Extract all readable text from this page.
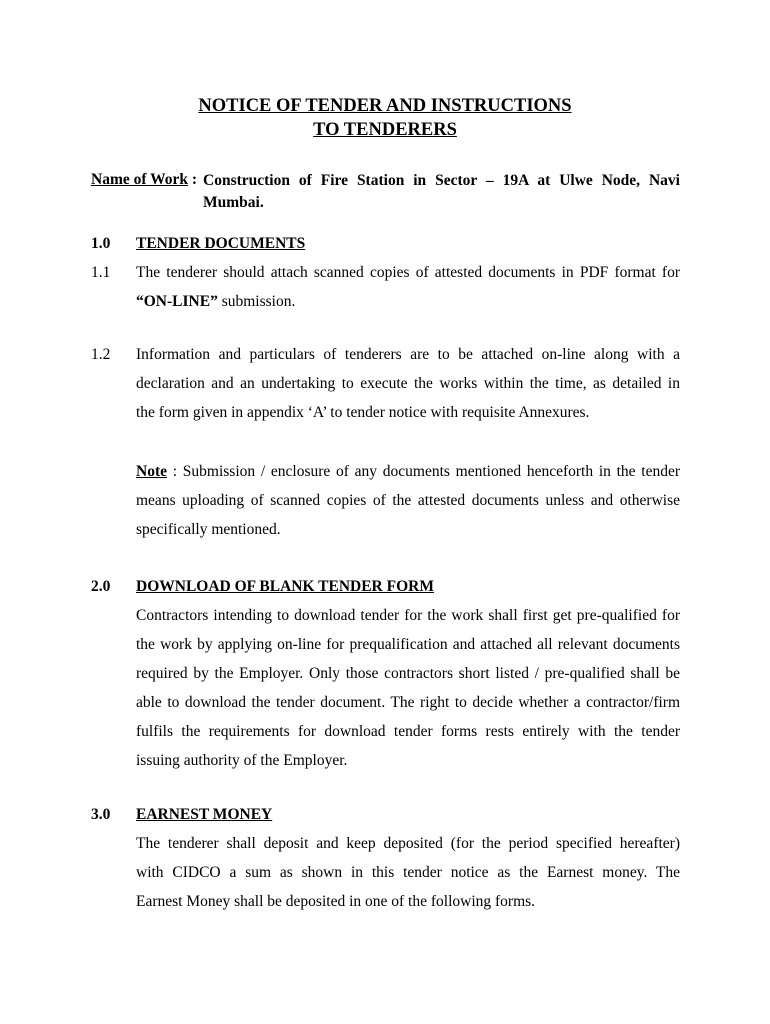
NOTICE OF TENDER AND INSTRUCTIONS
TO TENDERERS
Name of Work : Construction of Fire Station in Sector – 19A at Ulwe Node, Navi
Mumbai.
1.0 TENDER DOCUMENTS
1.1 The tenderer should attach scanned copies of attested documents in PDF format for
“ON-LINE” submission.
1.2 Information and particulars of tenderers are to be attached on-line along with a
declaration and an undertaking to execute the works within the time, as detailed in
the form given in appendix ‘A’ to tender notice with requisite Annexures.
Note : Submission / enclosure of any documents mentioned henceforth in the tender
means uploading of scanned copies of the attested documents unless and otherwise
specifically mentioned.
2.0 DOWNLOAD OF BLANK TENDER FORM
Contractors intending to download tender for the work shall first get pre-qualified for
the work by applying on-line for prequalification and attached all relevant documents
required by the Employer. Only those contractors short listed / pre-qualified shall be
able to download the tender document. The right to decide whether a contractor/firm
fulfils the requirements for download tender forms rests entirely with the tender
issuing authority of the Employer.
3.0 EARNEST MONEY
The tenderer shall deposit and keep deposited (for the period specified hereafter)
with CIDCO a sum as shown in this tender notice as the Earnest money. The
Earnest Money shall be deposited in one of the following forms.
